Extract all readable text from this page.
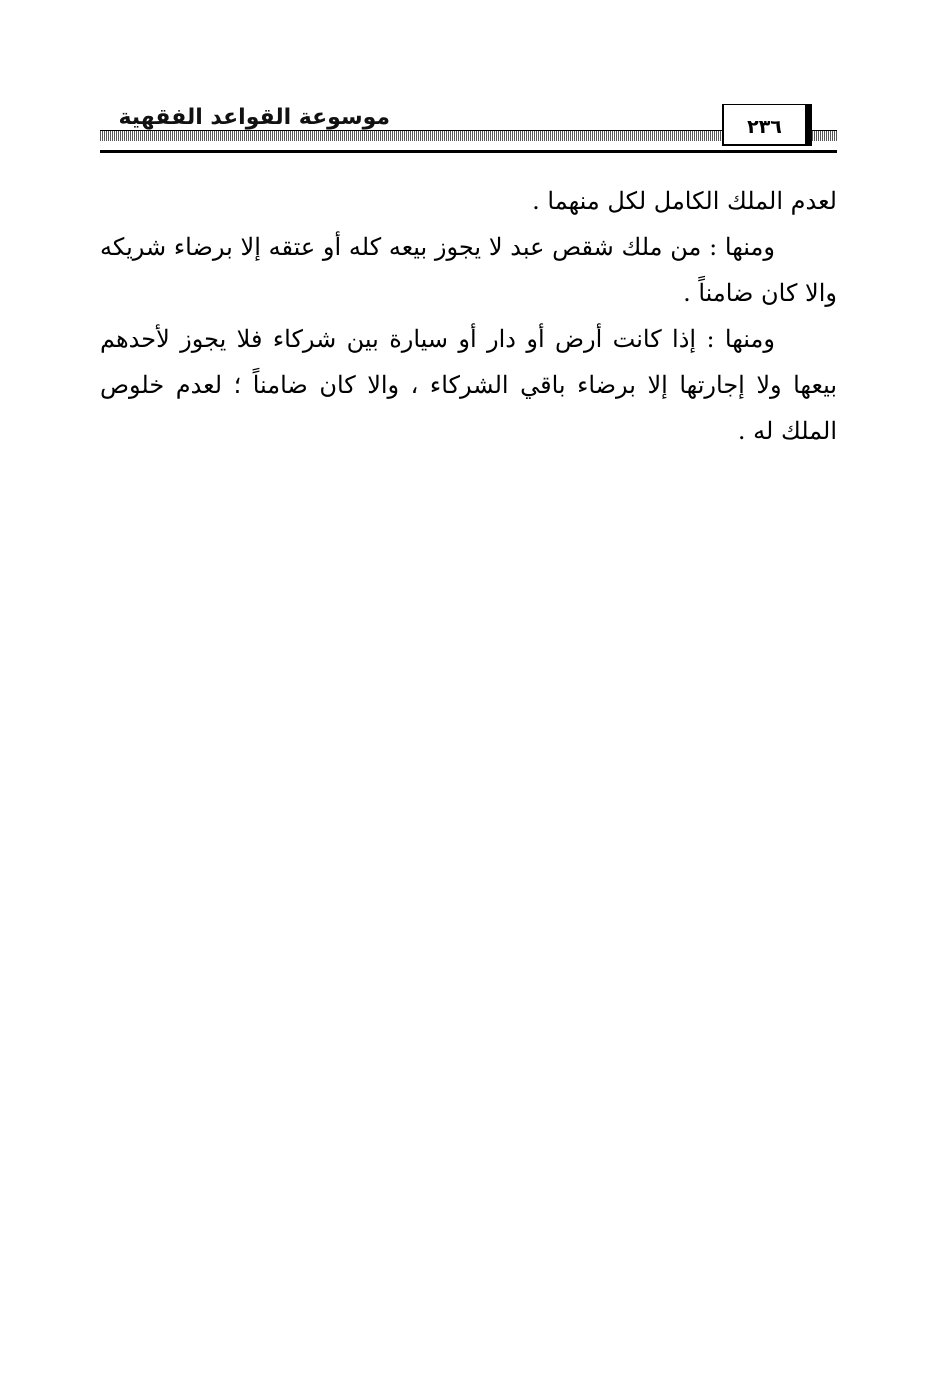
موسوعة القواعد الفقهية	٢٣٦

لعدم الملك الكامل لكل منهما .

ومنها : من ملك شقص عبد لا يجوز بيعه كله أو عتقه إلا برضاء شريكه والا كان ضامناً .

ومنها : إذا كانت أرض أو دار أو سيارة بين شركاء فلا يجوز لأحدهم بيعها ولا إجارتها إلا برضاء باقي الشركاء ، والا كان ضامناً ؛ لعدم خلوص الملك له .
